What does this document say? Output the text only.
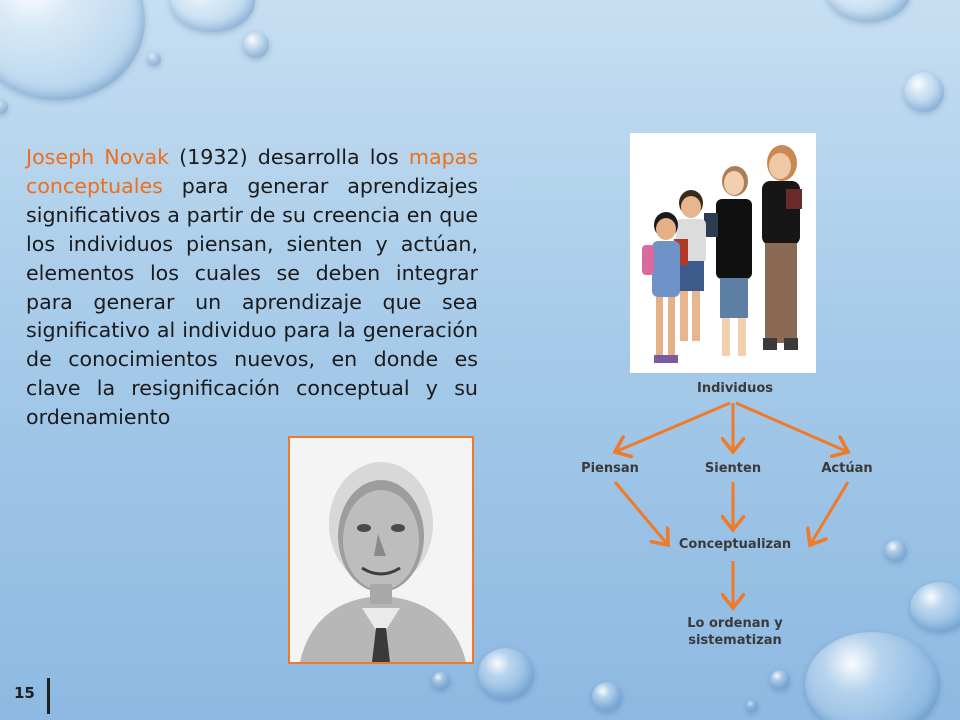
Joseph Novak (1932) desarrolla los mapas conceptuales para generar aprendizajes significativos a partir de su creencia en que los individuos piensan, sienten y actúan, elementos los cuales se deben integrar para generar un aprendizaje que sea significativo al individuo para la generación de conocimientos nuevos, en donde es clave la resignificación conceptual y su ordenamiento

Individuos
Piensan	Sienten	Actúan
Conceptualizan
Lo ordenan y
sistematizan
15
